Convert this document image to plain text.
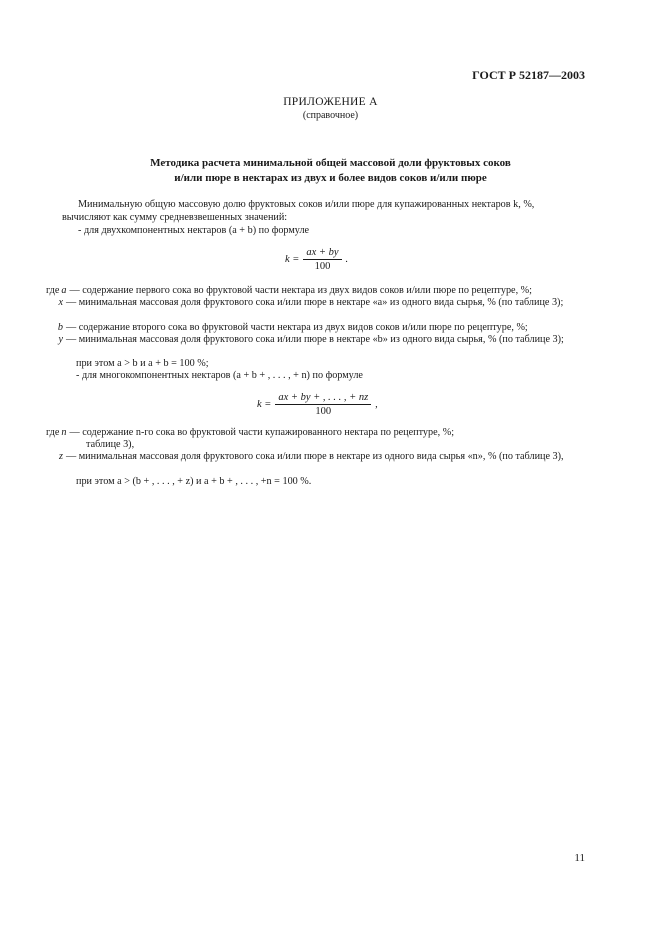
ГОСТ Р 52187—2003
ПРИЛОЖЕНИЕ А
(справочное)
Методика расчета минимальной общей массовой доли фруктовых соков
и/или пюре в нектарах из двух и более видов соков и/или пюре
Минимальную общую массовую долю фруктовых соков и/или пюре для купажированных нектаров k, %,
вычисляют как сумму средневзвешенных значений:
- для двухкомпонентных нектаров (a + b) по формуле
$k = \frac{ax + by}{100}$ .
где a — содержание первого сока во фруктовой части нектара из двух видов соков и/или пюре по рецептуре, %;
x — минимальная массовая доля фруктового сока и/или пюре в нектаре «a» из одного вида сырья, % (по таблице 3);
b — содержание второго сока во фруктовой части нектара из двух видов соков и/или пюре по рецептуре, %;
y — минимальная массовая доля фруктового сока и/или пюре в нектаре «b» из одного вида сырья, % (по таблице 3);
при этом a > b и a + b = 100 %;
- для многокомпонентных нектаров (a + b + , . . . , + n) по формуле
$k = \frac{ax + by + , . . . , + nz}{100}$ ,
где n — содержание n-го сока во фруктовой части купажированного нектара по рецептуре, %;
таблице 3),
z — минимальная массовая доля фруктового сока и/или пюре в нектаре из одного вида сырья «n», % (по таблице 3),
при этом a > (b + , . . . , + z) и a + b + , . . . , +n = 100 %.
11
